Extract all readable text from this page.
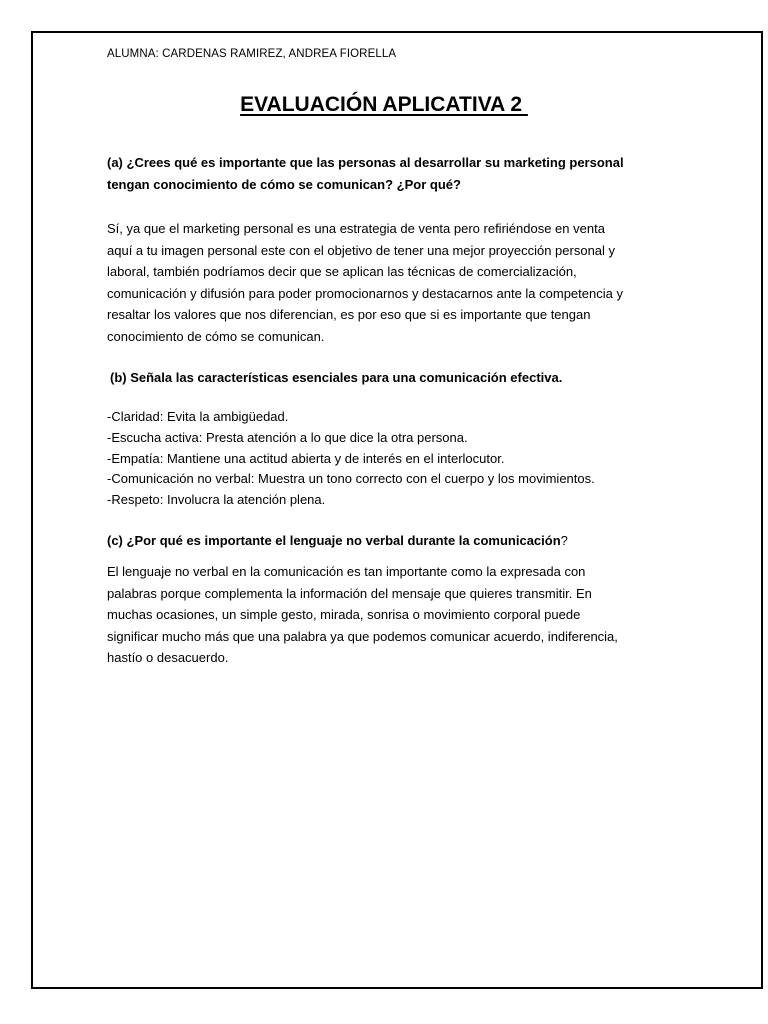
ALUMNA: CARDENAS RAMIREZ, ANDREA FIORELLA
EVALUACIÓN APLICATIVA 2
(a) ¿Crees qué es importante que las personas al desarrollar su marketing personal
tengan conocimiento de cómo se comunican? ¿Por qué?
Sí, ya que el marketing personal es una estrategia de venta pero refiriéndose en venta
aquí a tu imagen personal este con el objetivo de tener una mejor proyección personal y
laboral, también podríamos decir que se aplican las técnicas de comercialización,
comunicación y difusión para poder promocionarnos y destacarnos ante la competencia y
resaltar los valores que nos diferencian, es por eso que si es importante que tengan
conocimiento de cómo se comunican.
(b) Señala las características esenciales para una comunicación efectiva.
-Claridad: Evita la ambigüedad.
-Escucha activa: Presta atención a lo que dice la otra persona.
-Empatía: Mantiene una actitud abierta y de interés en el interlocutor.
-Comunicación no verbal: Muestra un tono correcto con el cuerpo y los movimientos.
-Respeto: Involucra la atención plena.
(c) ¿Por qué es importante el lenguaje no verbal durante la comunicación?
El lenguaje no verbal en la comunicación es tan importante como la expresada con
palabras porque complementa la información del mensaje que quieres transmitir. En
muchas ocasiones, un simple gesto, mirada, sonrisa o movimiento corporal puede
significar mucho más que una palabra ya que podemos comunicar acuerdo, indiferencia,
hastío o desacuerdo.
